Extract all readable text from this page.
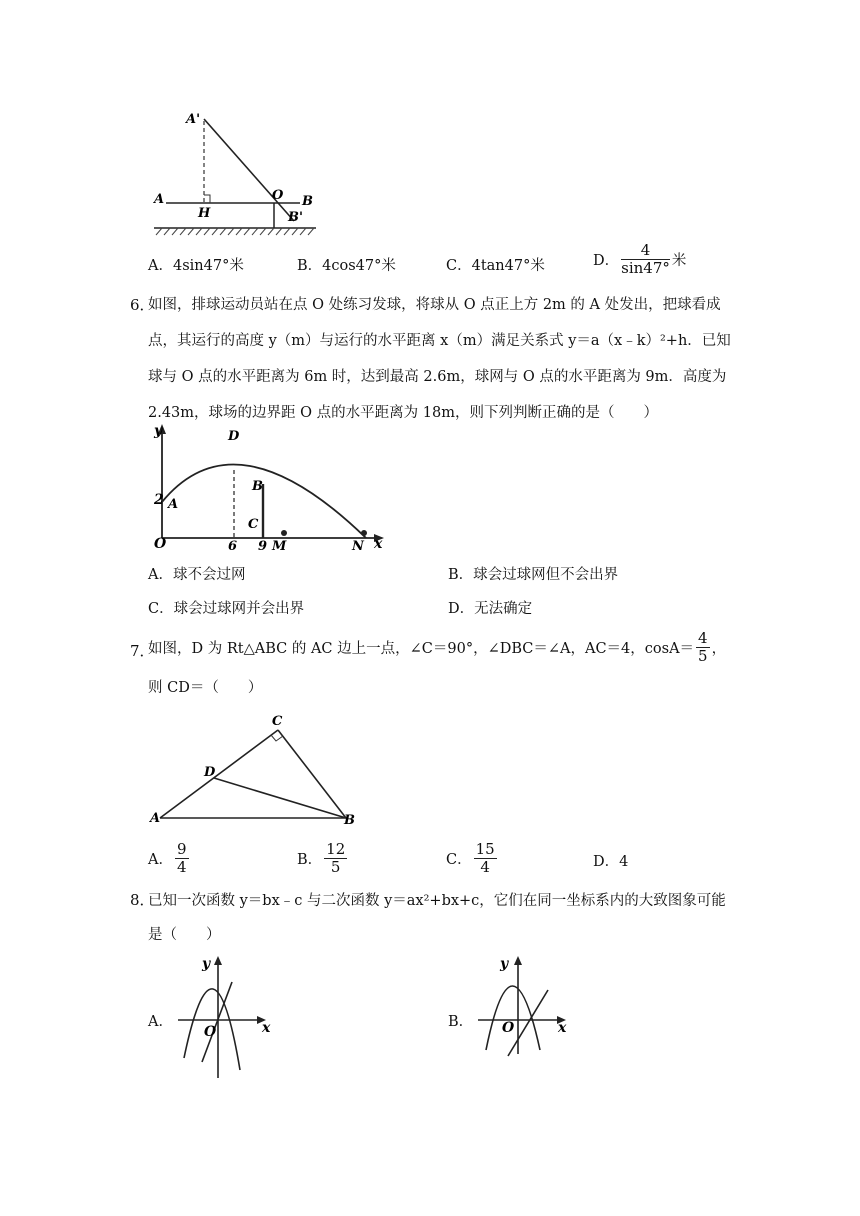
A'
A
H
O B
B'
A．4sin47°米	B．4cos47°米	C．4tan47°米	D． $\frac{4}{\sin 47^\circ}$ 米
6．
如图，排球运动员站在点 O 处练习发球，将球从 O 点正上方 2m 的 A 处发出，把球看成
点，其运行的高度 y（m）与运行的水平距离 x（m）满足关系式 y＝a（x﹣k）²+h．已知
球与 O 点的水平距离为 6m 时，达到最高 2.6m，球网与 O 点的水平距离为 9m．高度为
2.43m，球场的边界距 O 点的水平距离为 18m，则下列判断正确的是（　　）
y
x
O
2 A
D
B
C
6 9 M	N
A．球不会过网	B．球会过球网但不会出界
C．球会过球网并会出界	D．无法确定
7．
如图，D 为 Rt△ABC 的 AC 边上一点，∠C＝90°，∠DBC＝∠A，AC＝4，$\cos A= \frac{4}{5}$ ，
则 CD＝（　　）
A	B
C
D
A． $\frac{9}{4}$	B． $\frac{12}{5}$	C． $\frac{15}{4}$	D．4
8．
已知一次函数 y＝bx﹣c 与二次函数 y＝ax²+bx+c，它们在同一坐标系内的大致图象可能
是（　　）
A．
y
x
O
B．
y
x
O
